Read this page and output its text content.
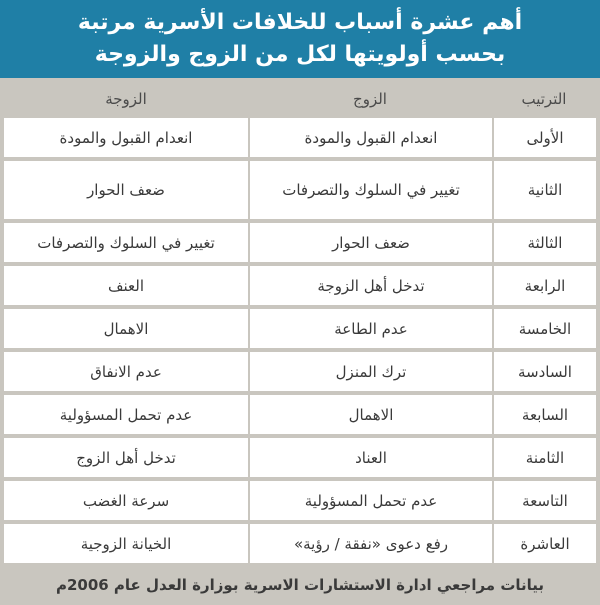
أهم عشرة أسباب للخلافات الأسرية مرتبة
بحسب أولويتها لكل من الزوج والزوجة
الترتيب	الزوج	الزوجة
الأولى	انعدام القبول والمودة	انعدام القبول والمودة
الثانية	تغيير في السلوك والتصرفات	ضعف الحوار
الثالثة	ضعف الحوار	تغيير في السلوك والتصرفات
الرابعة	تدخل أهل الزوجة	العنف
الخامسة	عدم الطاعة	الاهمال
السادسة	ترك المنزل	عدم الانفاق
السابعة	الاهمال	عدم تحمل المسؤولية
الثامنة	العناد	تدخل أهل الزوج
التاسعة	عدم تحمل المسؤولية	سرعة الغضب
العاشرة	رفع دعوى «نفقة / رؤية»	الخيانة الزوجية
بيانات مراجعي ادارة الاستشارات الاسرية بوزارة العدل عام 2006م
